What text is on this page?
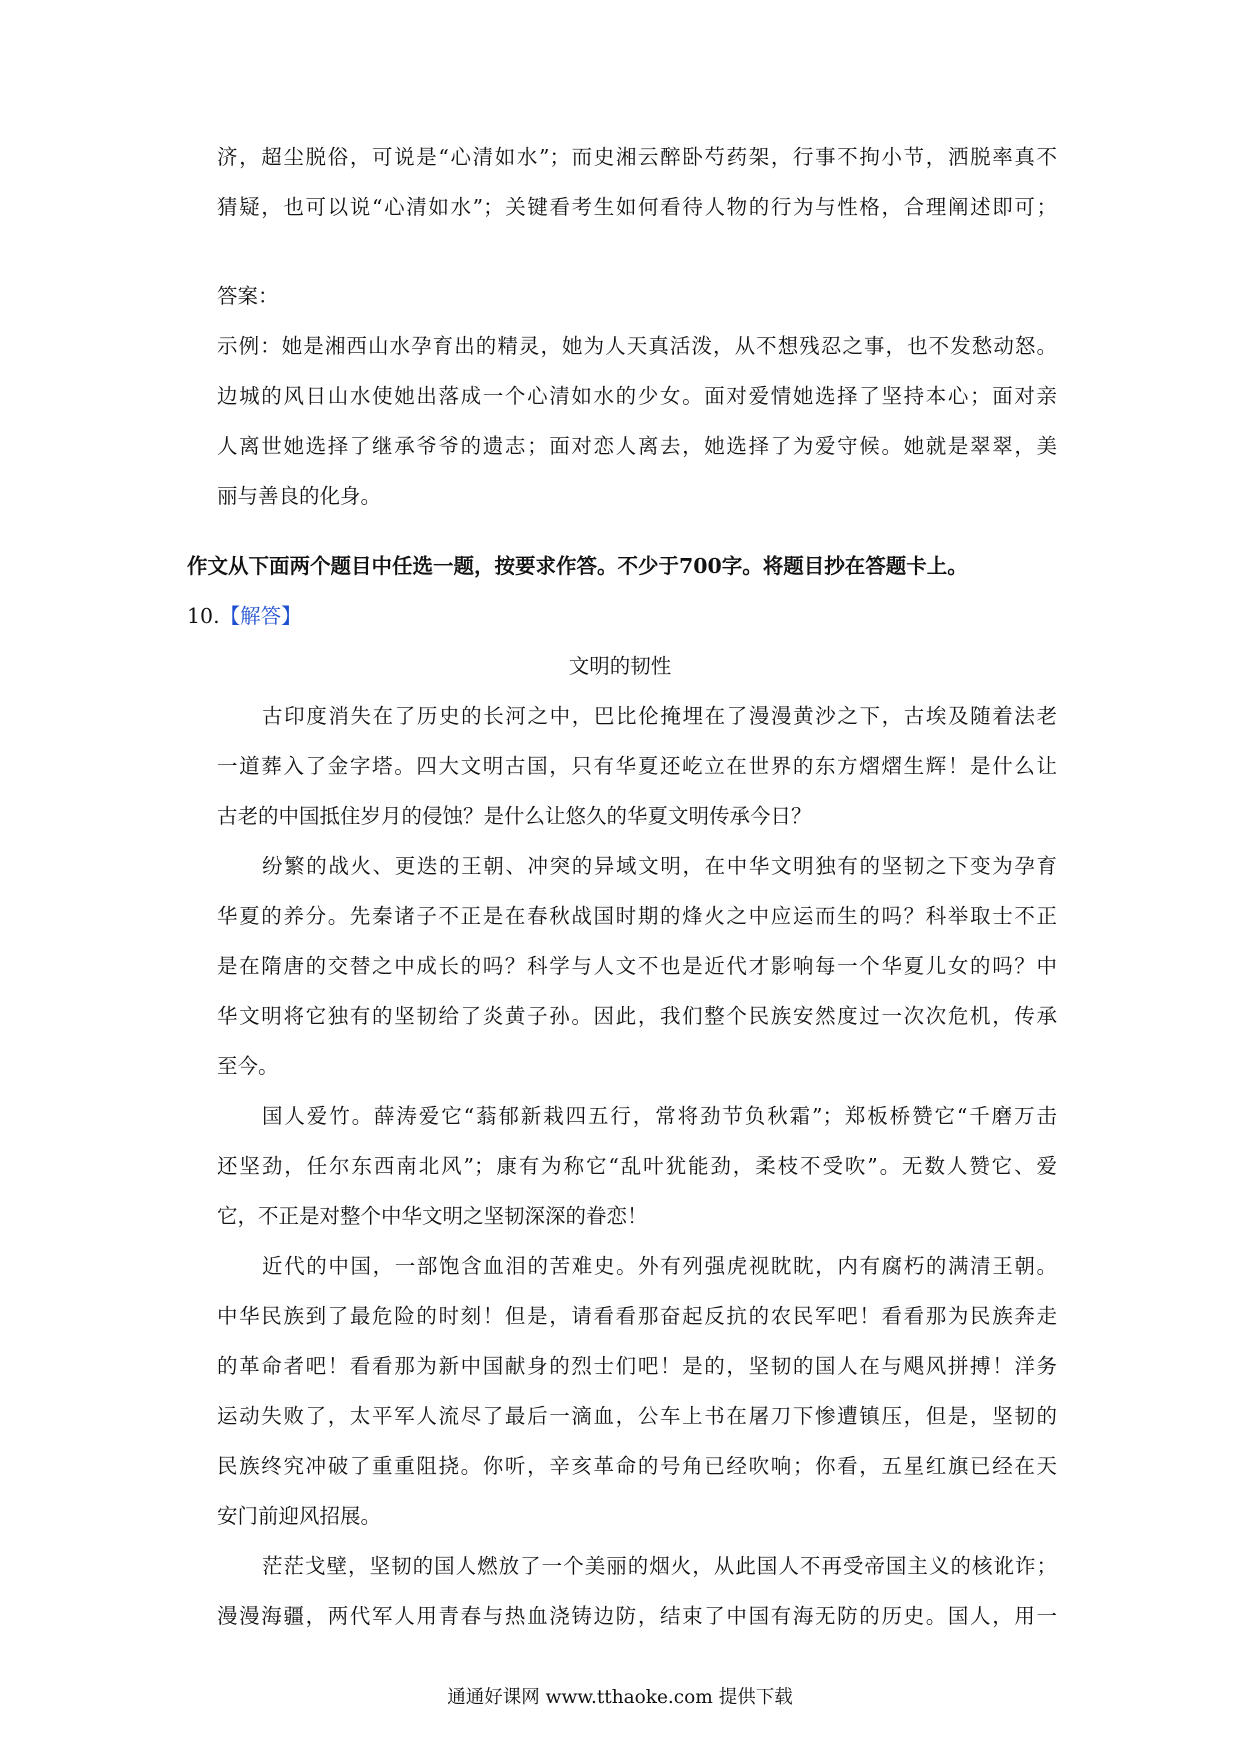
济，超尘脱俗，可说是“心清如水”；而史湘云醉卧芍药架，行事不拘小节，洒脱率真不
猜疑，也可以说“心清如水”；关键看考生如何看待人物的行为与性格，合理阐述即可；
答案：
示例：她是湘西山水孕育出的精灵，她为人天真活泼，从不想残忍之事，也不发愁动怒。
边城的风日山水使她出落成一个心清如水的少女。面对爱情她选择了坚持本心；面对亲
人离世她选择了继承爷爷的遗志；面对恋人离去，她选择了为爱守候。她就是翠翠，美
丽与善良的化身。
作文从下面两个题目中任选一题，按要求作答。不少于700字。将题目抄在答题卡上。
10.【解答】
文明的韧性
古印度消失在了历史的长河之中，巴比伦掩埋在了漫漫黄沙之下，古埃及随着法老
一道葬入了金字塔。四大文明古国，只有华夏还屹立在世界的东方熠熠生辉！是什么让
古老的中国抵住岁月的侵蚀？是什么让悠久的华夏文明传承今日？
纷繁的战火、更迭的王朝、冲突的异域文明，在中华文明独有的坚韧之下变为孕育
华夏的养分。先秦诸子不正是在春秋战国时期的烽火之中应运而生的吗？科举取士不正
是在隋唐的交替之中成长的吗？科学与人文不也是近代才影响每一个华夏儿女的吗？中
华文明将它独有的坚韧给了炎黄子孙。因此，我们整个民族安然度过一次次危机，传承
至今。
国人爱竹。薛涛爱它“蓊郁新栽四五行，常将劲节负秋霜”；郑板桥赞它“千磨万击
还坚劲，任尔东西南北风”；康有为称它“乱叶犹能劲，柔枝不受吹”。无数人赞它、爱
它，不正是对整个中华文明之坚韧深深的眷恋！
近代的中国，一部饱含血泪的苦难史。外有列强虎视眈眈，内有腐朽的满清王朝。
中华民族到了最危险的时刻！但是，请看看那奋起反抗的农民军吧！看看那为民族奔走
的革命者吧！看看那为新中国献身的烈士们吧！是的，坚韧的国人在与飓风拼搏！洋务
运动失败了，太平军人流尽了最后一滴血，公车上书在屠刀下惨遭镇压，但是，坚韧的
民族终究冲破了重重阻挠。你听，辛亥革命的号角已经吹响；你看，五星红旗已经在天
安门前迎风招展。
茫茫戈壁，坚韧的国人燃放了一个美丽的烟火，从此国人不再受帝国主义的核讹诈；
漫漫海疆，两代军人用青春与热血浇铸边防，结束了中国有海无防的历史。国人，用一
通通好课网 www.tthaoke.com 提供下载
